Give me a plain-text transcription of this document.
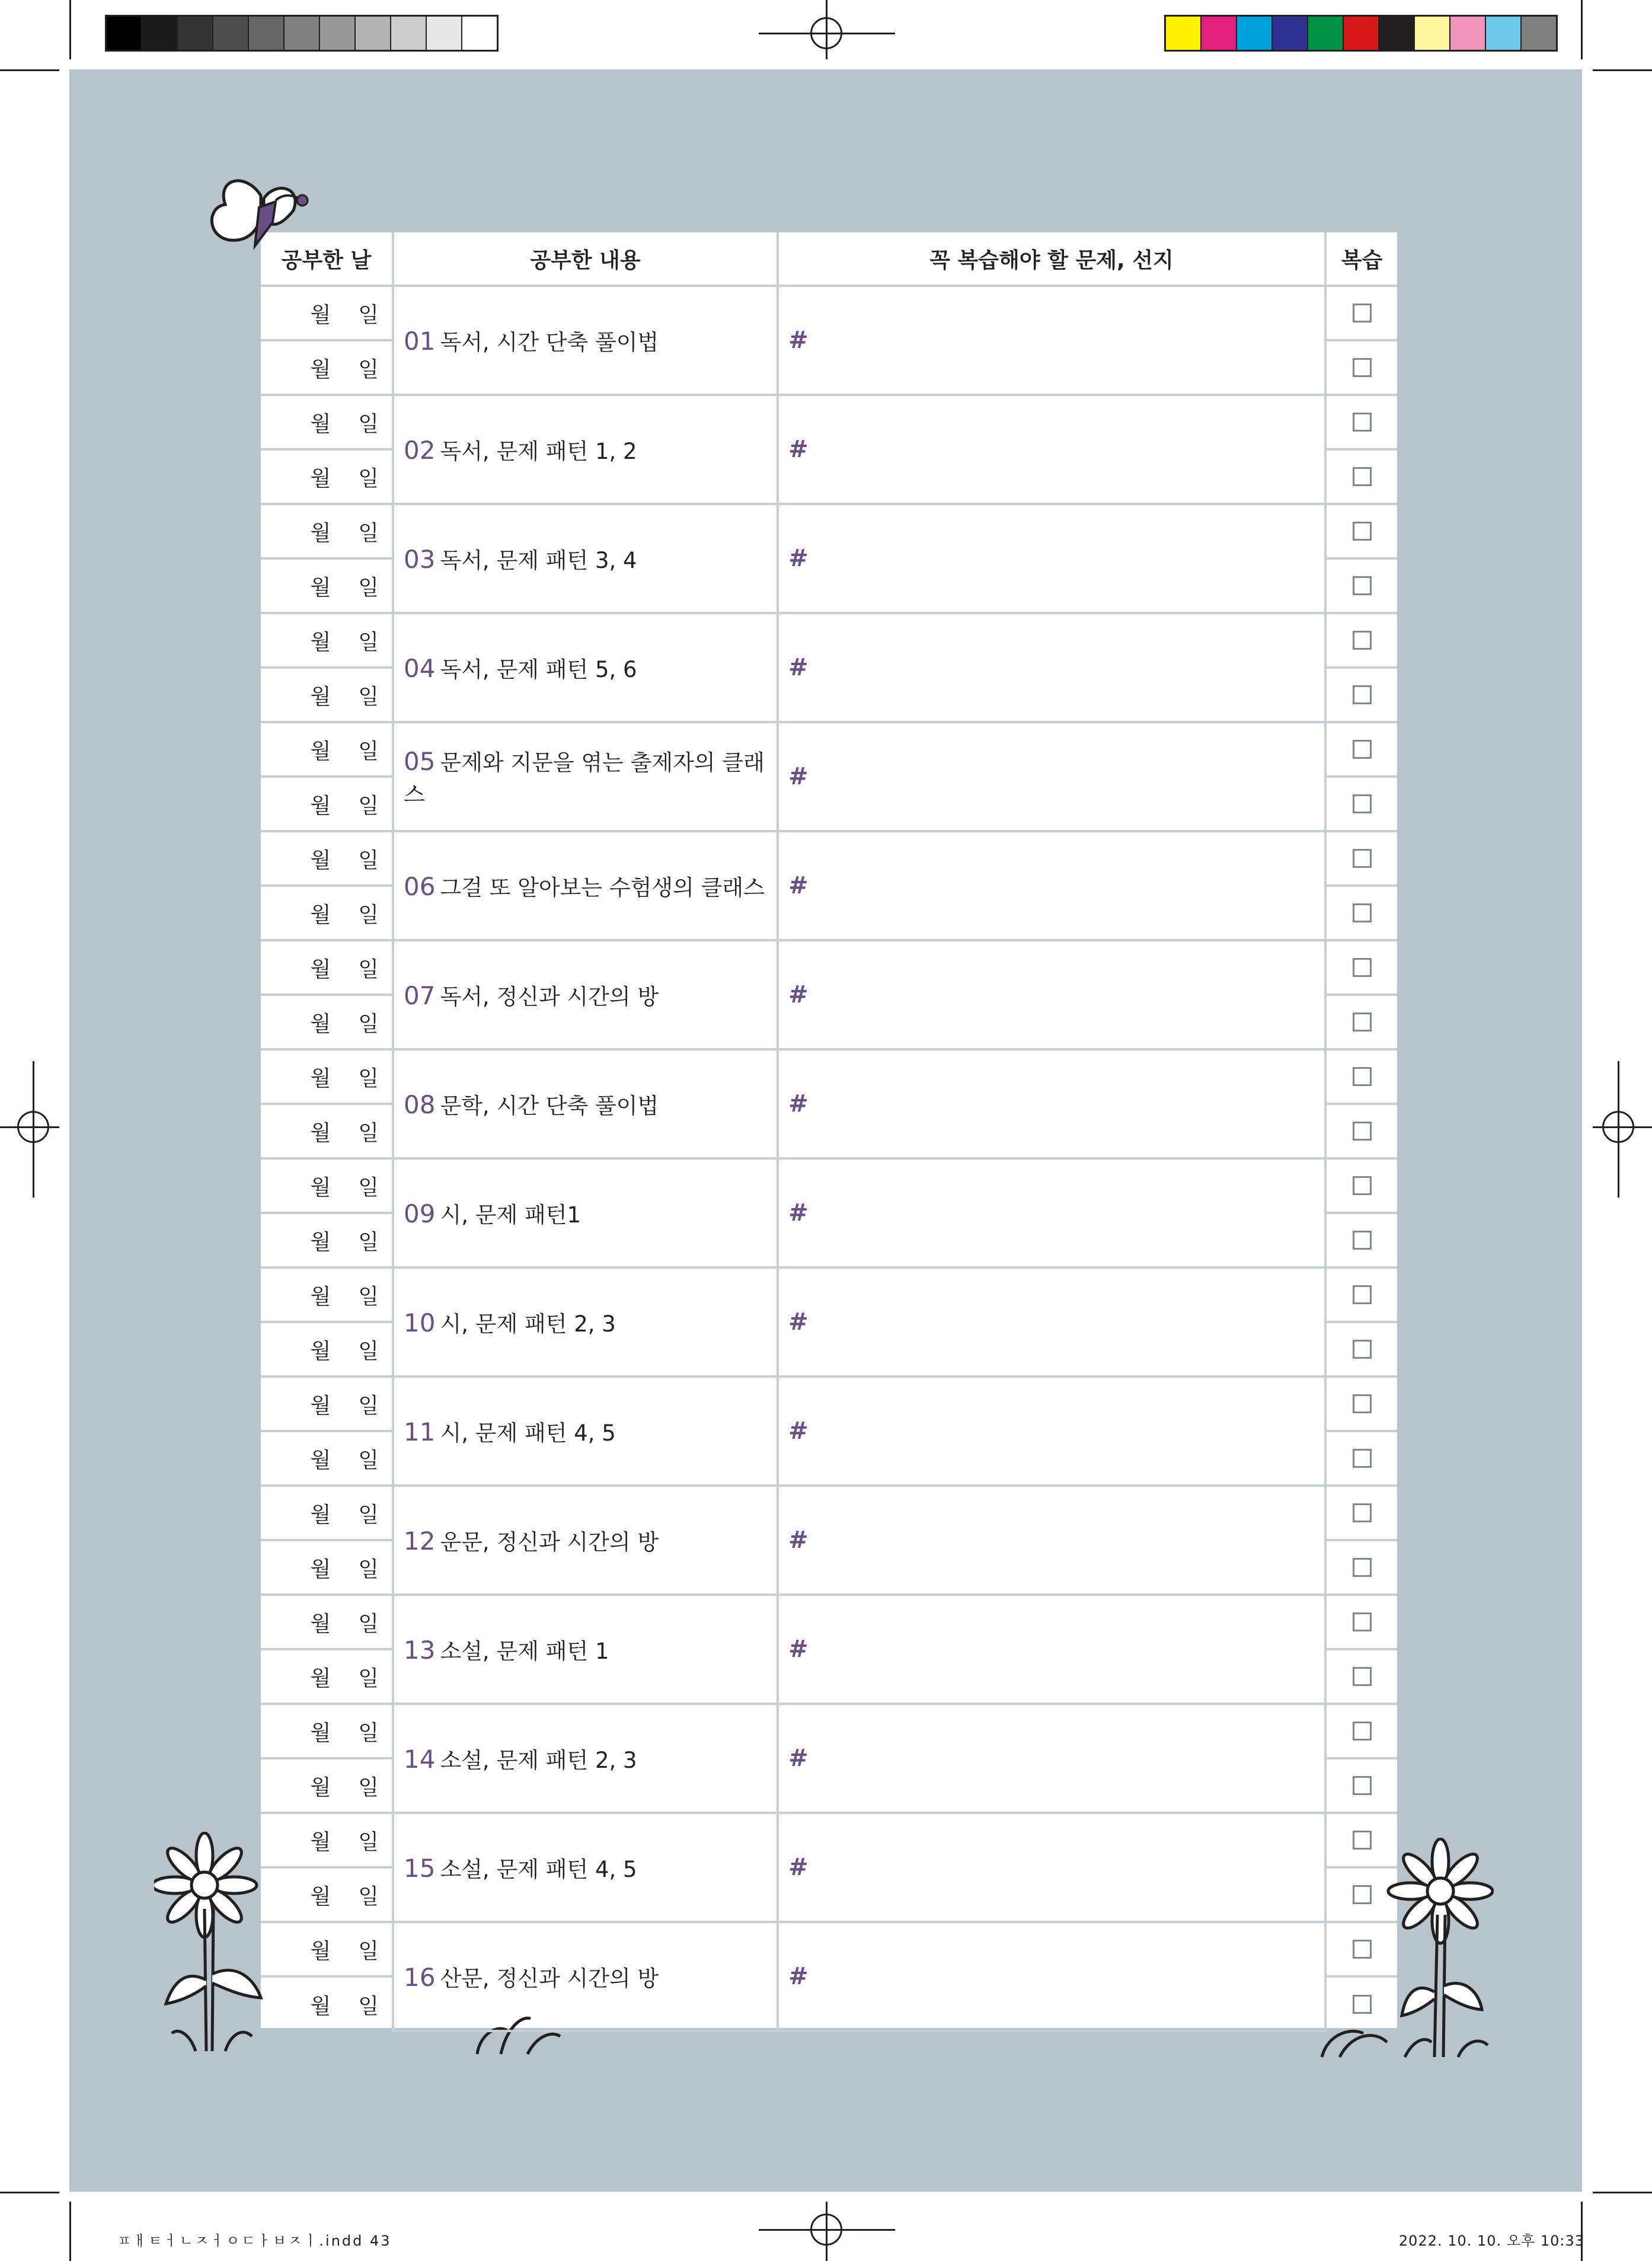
공부한 날	공부한 내용	꼭 복습해야 할 문제, 선지	복습
월 일	01 독서, 시간 단축 풀이법	#	
월 일			
월 일	02 독서, 문제 패턴 1, 2	#	
월 일			
월 일	03 독서, 문제 패턴 3, 4	#	
월 일			
월 일	04 독서, 문제 패턴 5, 6	#	
월 일			
월 일	05 문제와 지문을 엮는 출제자의 클래스	#	
월 일			
월 일	06 그걸 또 알아보는 수험생의 클래스	#	
월 일			
월 일	07 독서, 정신과 시간의 방	#	
월 일			
월 일	08 문학, 시간 단축 풀이법	#	
월 일			
월 일	09 시, 문제 패턴1	#	
월 일			
월 일	10 시, 문제 패턴 2, 3	#	
월 일			
월 일	11 시, 문제 패턴 4, 5	#	
월 일			
월 일	12 운문, 정신과 시간의 방	#	
월 일			
월 일	13 소설, 문제 패턴 1	#	
월 일			
월 일	14 소설, 문제 패턴 2, 3	#	
월 일			
월 일	15 소설, 문제 패턴 4, 5	#	
월 일			
월 일	16 산문, 정신과 시간의 방	#	
월 일			
ㅍㅐㅌㅓㄴㅈㅓㅇㄷㅏㅂㅈㅣ.indd 43	2022. 10. 10. 오후 10:33
